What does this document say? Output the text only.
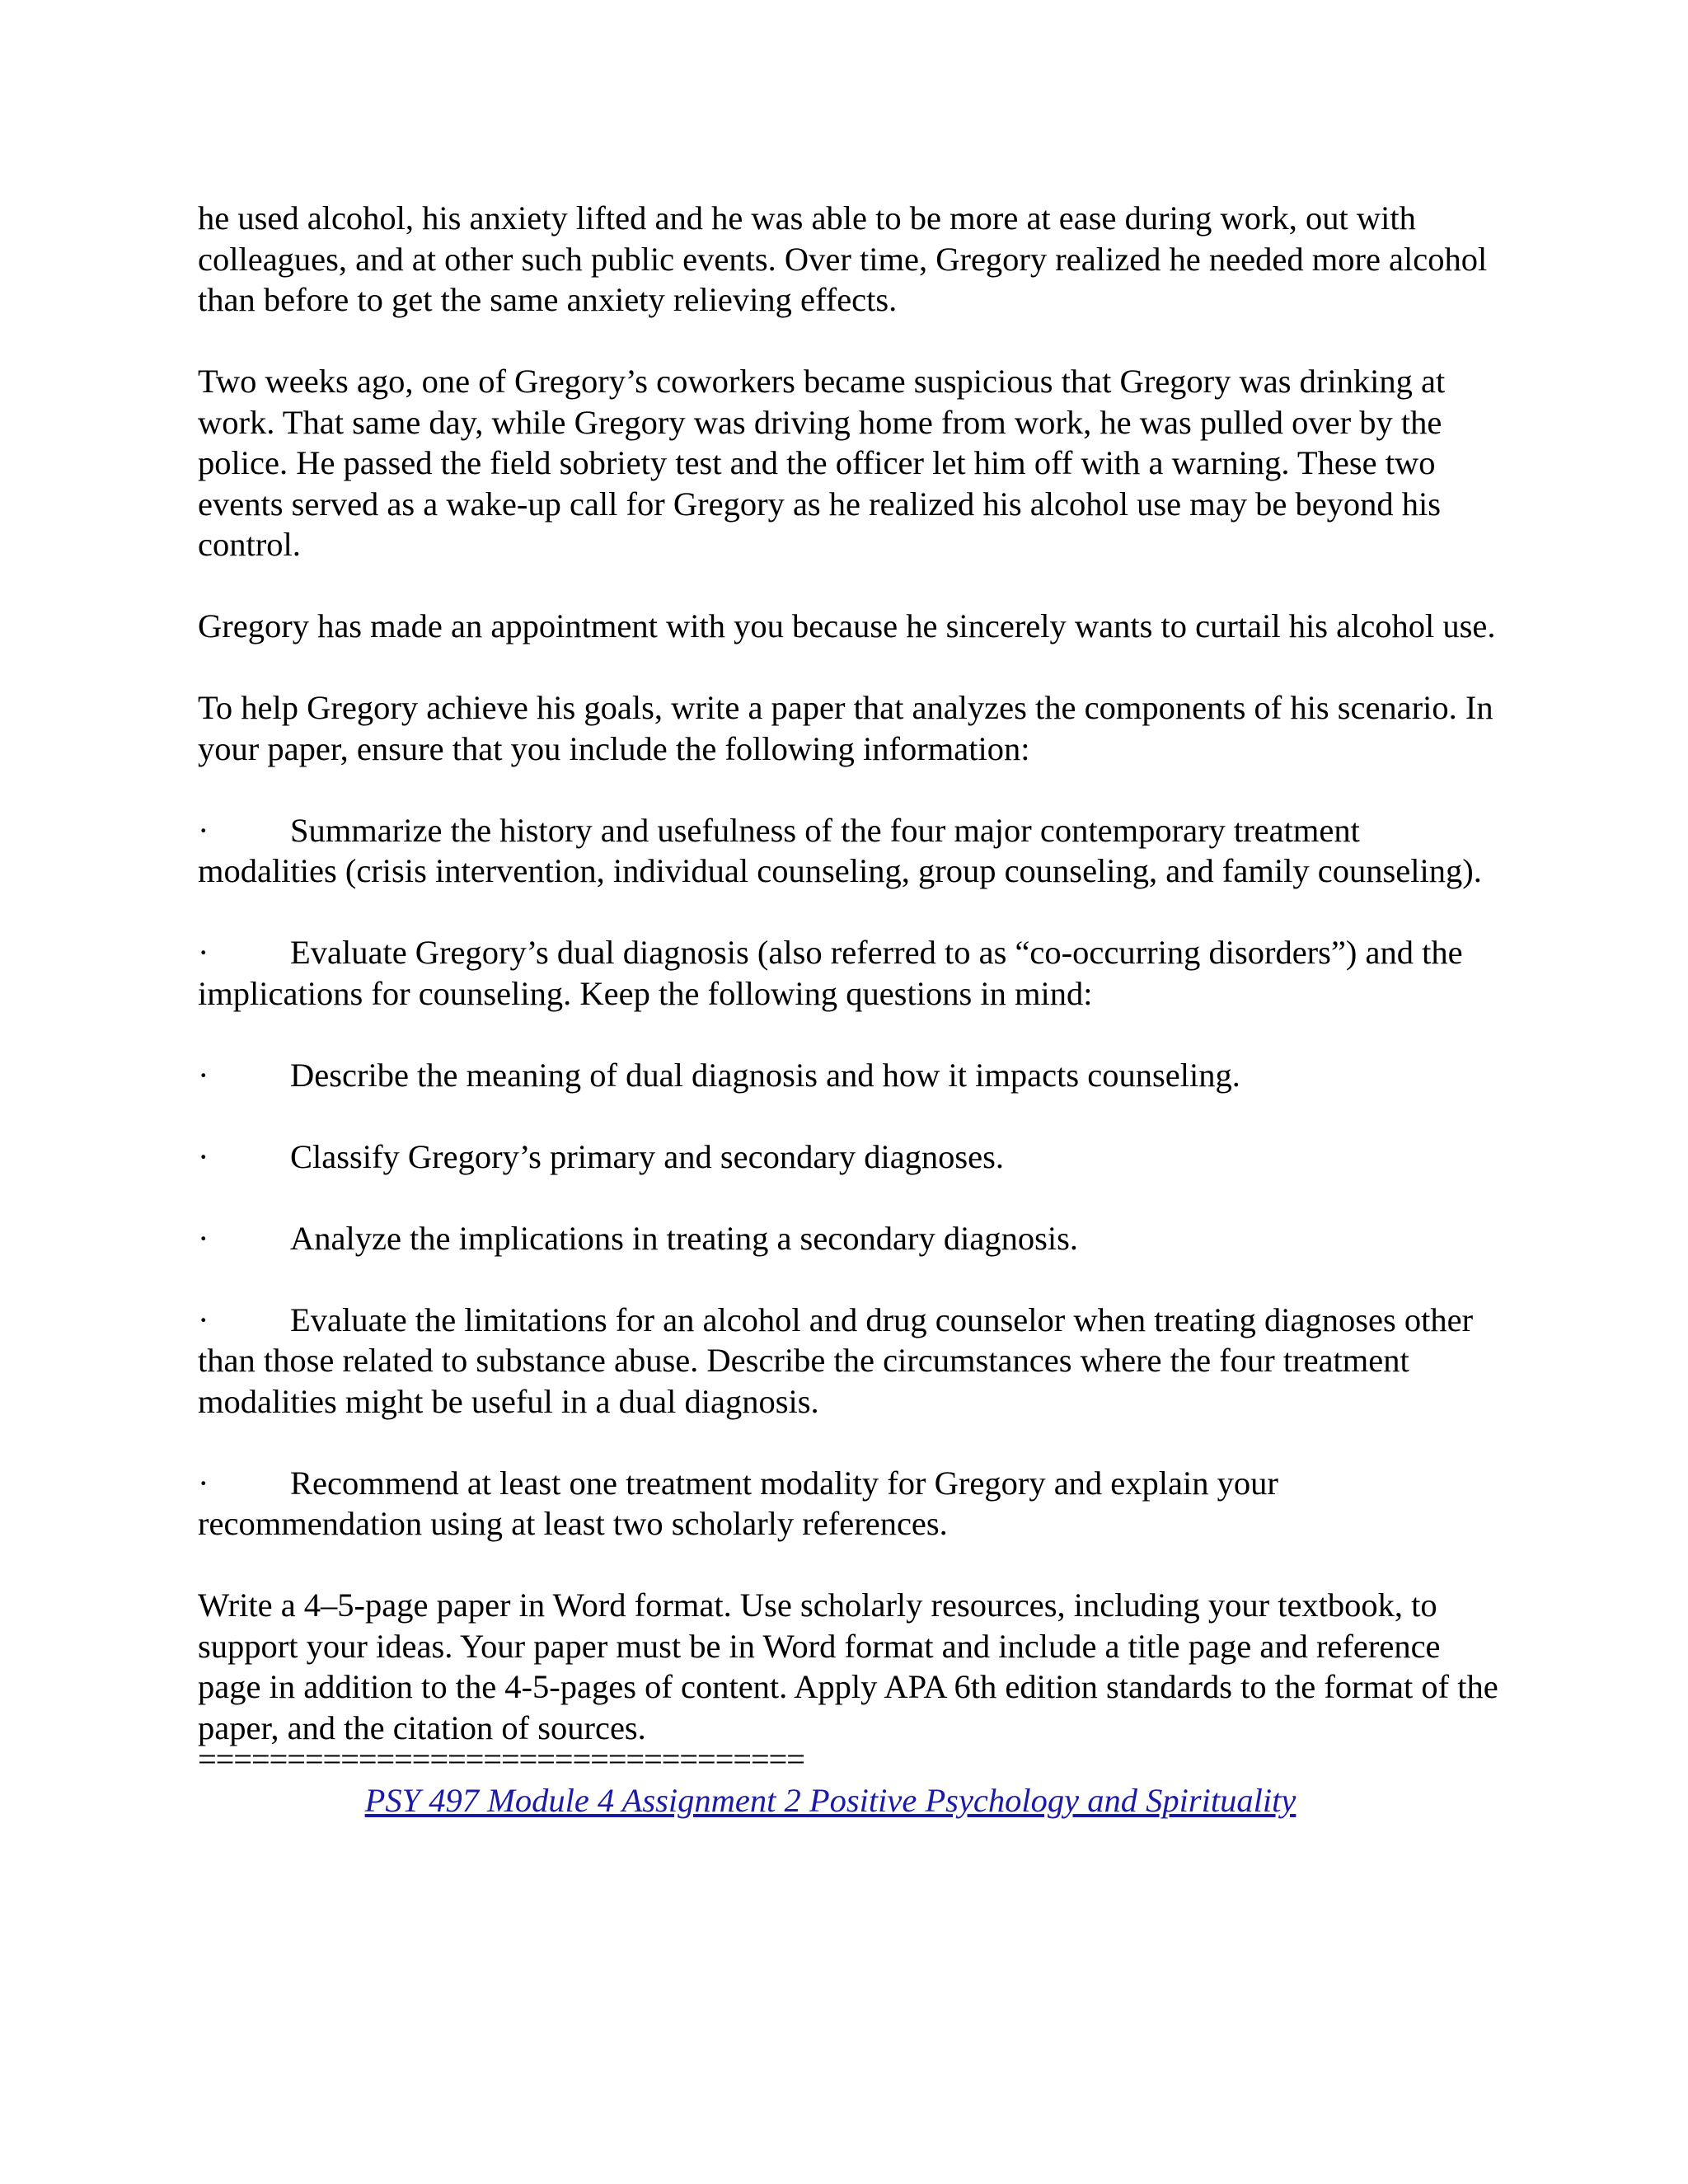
he used alcohol, his anxiety lifted and he was able to be more at ease during work, out with colleagues, and at other such public events. Over time, Gregory realized he needed more alcohol than before to get the same anxiety relieving effects.

Two weeks ago, one of Gregory’s coworkers became suspicious that Gregory was drinking at work. That same day, while Gregory was driving home from work, he was pulled over by the police. He passed the field sobriety test and the officer let him off with a warning. These two events served as a wake-up call for Gregory as he realized his alcohol use may be beyond his control.

Gregory has made an appointment with you because he sincerely wants to curtail his alcohol use.

To help Gregory achieve his goals, write a paper that analyzes the components of his scenario. In your paper, ensure that you include the following information:

· Summarize the history and usefulness of the four major contemporary treatment modalities (crisis intervention, individual counseling, group counseling, and family counseling).

· Evaluate Gregory’s dual diagnosis (also referred to as “co-occurring disorders”) and the implications for counseling. Keep the following questions in mind:

· Describe the meaning of dual diagnosis and how it impacts counseling.

· Classify Gregory’s primary and secondary diagnoses.

· Analyze the implications in treating a secondary diagnosis.

· Evaluate the limitations for an alcohol and drug counselor when treating diagnoses other than those related to substance abuse. Describe the circumstances where the four treatment modalities might be useful in a dual diagnosis.

· Recommend at least one treatment modality for Gregory and explain your recommendation using at least two scholarly references.

Write a 4–5-page paper in Word format. Use scholarly resources, including your textbook, to support your ideas. Your paper must be in Word format and include a title page and reference page in addition to the 4-5-pages of content. Apply APA 6th edition standards to the format of the paper, and the citation of sources.

==================================
PSY 497 Module 4 Assignment 2 Positive Psychology and Spirituality
